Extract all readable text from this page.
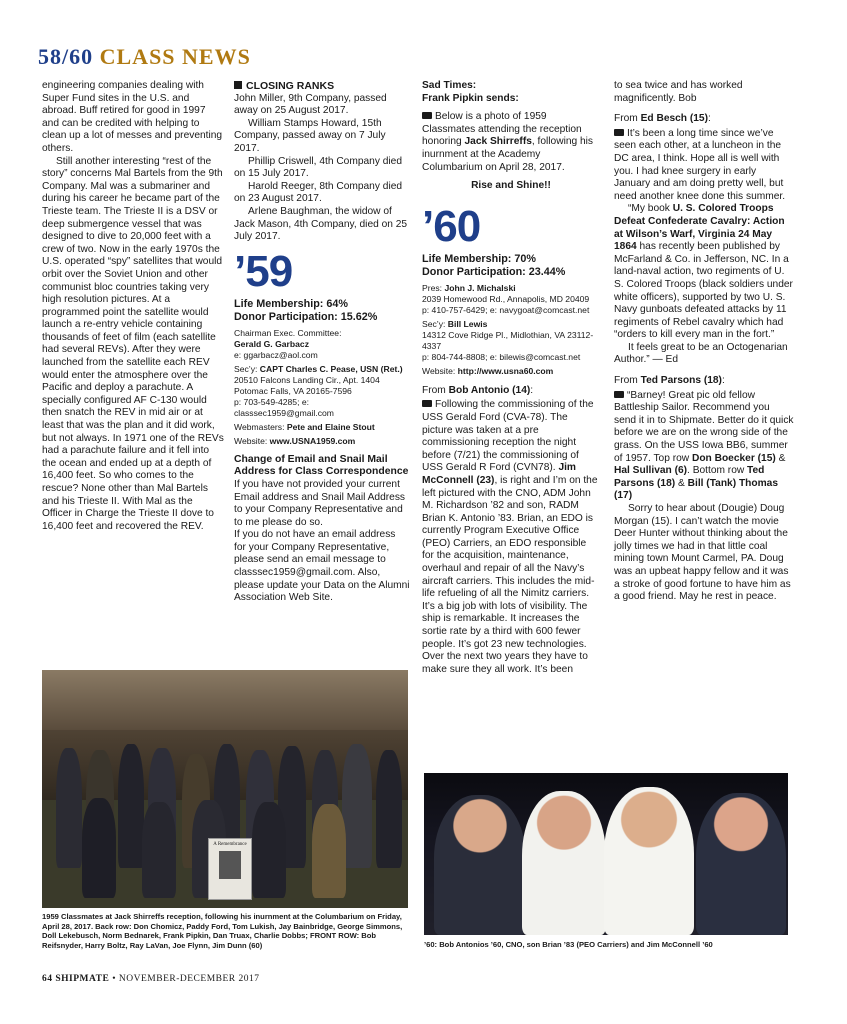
58/60 CLASS NEWS

engineering companies dealing with Super Fund sites in the U.S. and abroad. Buff retired for good in 1997 and can be credited with helping to clean up a lot of messes and preventing others.

Still another interesting “rest of the story” concerns Mal Bartels from the 9th Company. Mal was a submariner and during his career he became part of the Trieste team. The Trieste II is a DSV or deep submergence vessel that was designed to dive to 20,000 feet with a crew of two. Now in the early 1970s the U.S. operated “spy” satellites that would orbit over the Soviet Union and other communist bloc countries taking very high resolution pictures. At a programmed point the satellite would launch a re-entry vehicle containing thousands of feet of film (each satellite had several REVs). After they were launched from the satellite each REV would enter the atmosphere over the Pacific and deploy a parachute. A specially configured AF C-130 would then snatch the REV in mid air or at least that was the plan and it did work, but not always. In 1971 one of the REVs had a parachute failure and it fell into the ocean and ended up at a depth of 16,400 feet. So who comes to the rescue? None other than Mal Bartels and his Trieste II. With Mal as the Officer in Charge the Trieste II dove to 16,400 feet and recovered the REV.

CLOSING RANKS

John Miller, 9th Company, passed away on 25 August 2017.

William Stamps Howard, 15th Company, passed away on 7 July 2017.

Phillip Criswell, 4th Company died on 15 July 2017.

Harold Reeger, 8th Company died on 23 August 2017.

Arlene Baughman, the widow of Jack Mason, 4th Company, died on 25 July 2017.

’59
Life Membership: 64%
Donor Participation: 15.62%
Chairman Exec. Committee:
Gerald G. Garbacz
e: ggarbacz@aol.com
Sec’y: CAPT Charles C. Pease, USN (Ret.)
20510 Falcons Landing Cir., Apt. 1404
Potomac Falls, VA 20165-7596
p: 703-549-4285; e: classsec1959@gmail.com
Webmasters: Pete and Elaine Stout
Website: www.USNA1959.com
Change of Email and Snail Mail Address for Class Correspondence

If you have not provided your current Email address and Snail Mail Address to your Company Representative and to me please do so.

If you do not have an email address for your Company Representative, please send an email message to classsec1959@gmail.com. Also, please update your Data on the Alumni Association Web Site.

Sad Times:
Frank Pipkin sends:

Below is a photo of 1959 Classmates attending the reception honoring Jack Shirreffs, following his inurnment at the Academy Columbarium on April 28, 2017.

Rise and Shine!!

’60
Life Membership: 70%
Donor Participation: 23.44%
Pres: John J. Michalski
2039 Homewood Rd., Annapolis, MD 20409
p: 410-757-6429; e: navygoat@comcast.net
Sec’y: Bill Lewis
14312 Cove Ridge Pl., Midlothian, VA 23112-4337
p: 804-744-8808; e: bilewis@comcast.net
Website: http://www.usna60.com
From Bob Antonio (14):

Following the commissioning of the USS Gerald Ford (CVA-78). The picture was taken at a pre commissioning reception the night before (7/21) the commissioning of USS Gerald R Ford (CVN78). Jim McConnell (23), is right and I’m on the left pictured with the CNO, ADM John M. Richardson ’82 and son, RADM Brian K. Antonio ’83. Brian, an EDO is currently Program Executive Office (PEO) Carriers, an EDO responsible for the acquisition, maintenance, overhaul and repair of all the Navy’s aircraft carriers. This includes the mid-life refueling of all the Nimitz carriers. It’s a big job with lots of visibility. The ship is remarkable. It increases the sortie rate by a third with 600 fewer people. It’s got 23 new technologies. Over the next two years they have to make sure they all work. It’s been

to sea twice and has worked magnificently. Bob

From Ed Besch (15):

It’s been a long time since we’ve seen each other, at a luncheon in the DC area, I think. Hope all is well with you. I had knee surgery in early January and am doing pretty well, but need another knee done this summer.

“My book U. S. Colored Troops Defeat Confederate Cavalry: Action at Wilson’s Warf, Virginia 24 May 1864 has recently been published by McFarland & Co. in Jefferson, NC. In a land-naval action, two regiments of U. S. Colored Troops (black soldiers under white officers), supported by two U. S. Navy gunboats defeated attacks by 11 regiments of Rebel cavalry which had “orders to kill every man in the fort.”

It feels great to be an Octogenarian Author.” — Ed

From Ted Parsons (18):

“Barney! Great pic old fellow Battleship Sailor. Recommend you send it in to Shipmate. Better do it quick before we are on the wrong side of the grass. On the USS Iowa BB6, summer of 1957. Top row Don Boecker (15) & Hal Sullivan (6). Bottom row Ted Parsons (18) & Bill (Tank) Thomas (17)

Sorry to hear about (Dougie) Doug Morgan (15). I can’t watch the movie Deer Hunter without thinking about the jolly times we had in that little coal mining town Mount Carmel, PA. Doug was an upbeat happy fellow and it was a stroke of good fortune to have him as a good friend. May he rest in peace.

A Remembrance
1959 Classmates at Jack Shirreffs reception, following his inurnment at the Columbarium on Friday, April 28, 2017. Back row: Don Chomicz, Paddy Ford, Tom Lukish, Jay Bainbridge, George Simmons, Doll Lekebusch, Norm Bednarek, Frank Pipkin, Dan Truax, Charlie Dobbs; FRONT ROW: Bob Reifsnyder, Harry Boltz, Ray LaVan, Joe Flynn, Jim Dunn (60)	’60: Bob Antonios ’60, CNO, son Brian ’83 (PEO Carriers) and Jim McConnell ’60
64 SHIPMATE • NOVEMBER-DECEMBER 2017
